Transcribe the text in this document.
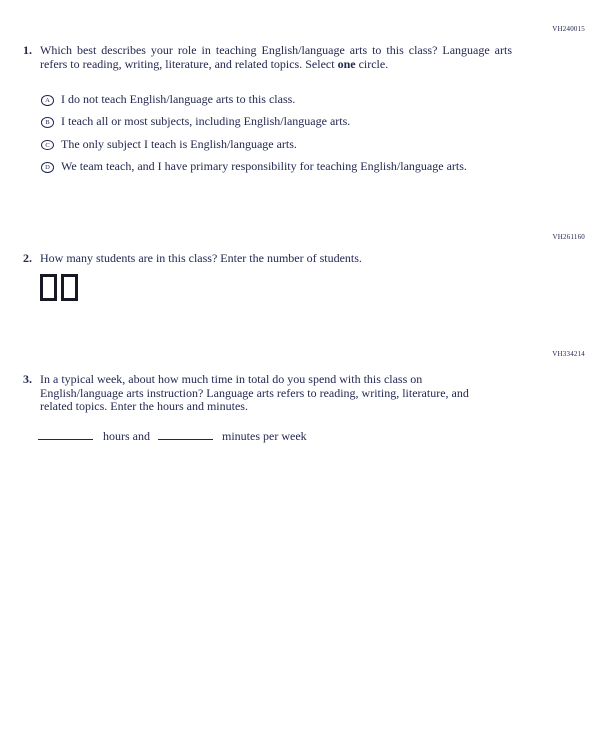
VH240015
VH261160
VH334214
1. Which best describes your role in teaching English/language arts to this class? Language arts refers to reading, writing, literature, and related topics. Select one circle.
A I do not teach English/language arts to this class.
B I teach all or most subjects, including English/language arts.
C The only subject I teach is English/language arts.
D We team teach, and I have primary responsibility for teaching English/language arts.
2. How many students are in this class? Enter the number of students.
3. In a typical week, about how much time in total do you spend with this class on English/language arts instruction? Language arts refers to reading, writing, literature, and related topics. Enter the hours and minutes.
hours and	minutes per week
